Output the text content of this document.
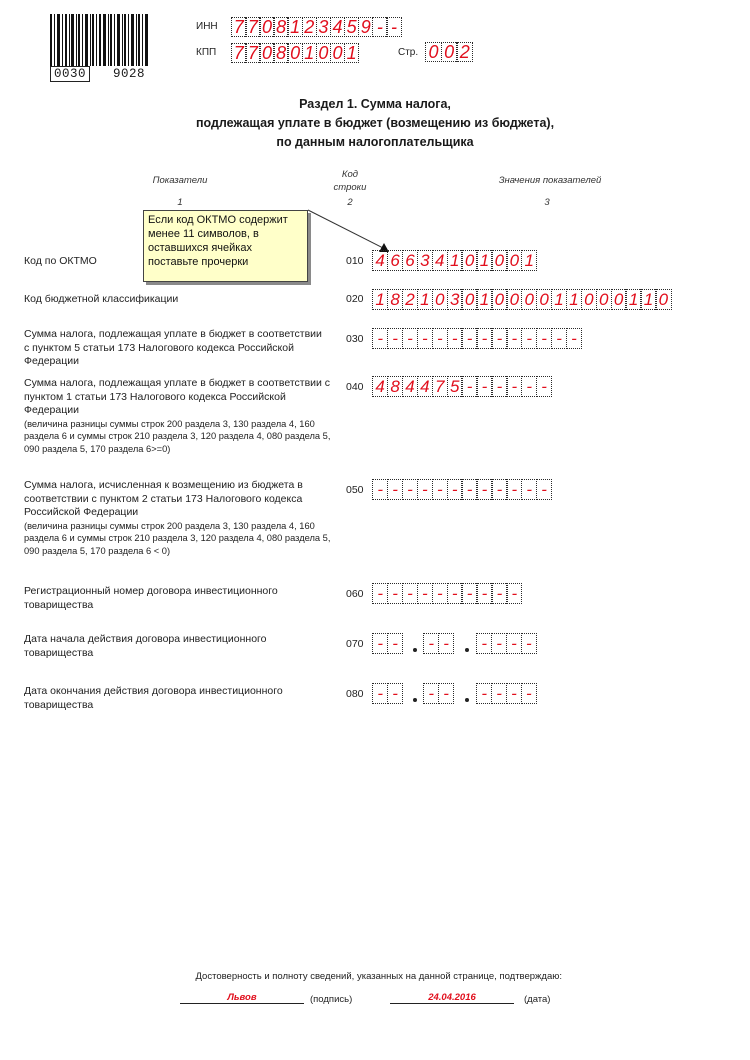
0030	9028
ИНН 7 7 0 8 1 2 3 4 5 9 - -
КПП 7 7 0 8 0 1 0 0 1	Стр. 0 0 2
Раздел 1. Сумма налога,
подлежащая уплате в бюджет (возмещению из бюджета),
по данным налогоплательщика
Показатели
Код
строки
Значения показателей
1	2	3
Если код ОКТМО содержит менее 11 символов, в оставшихся ячейках поставьте прочерки
Код по ОКТМО	010 4 6 6 3 4 1 0 1 0 0 1
Код бюджетной классификации	020 1 8 2 1 0 3 0 1 0 0 0 0 1 1 0 0 0 1 1 0
Сумма налога, подлежащая уплате в бюджет в соответствии с пунктом 5 статьи 173 Налогового кодекса Российской Федерации
030 - - - - - - - - - - - - - -
Сумма налога, подлежащая уплате в бюджет в соответствии с пунктом 1 статьи 173 Налогового кодекса Российской Федерации
(величина разницы суммы строк 200 раздела 3, 130 раздела 4, 160 раздела 6 и суммы строк 210 раздела 3, 120 раздела 4, 080 раздела 5, 090 раздела 5, 170 раздела 6>=0)
040 4 8 4 4 7 5 - - - - - -
Сумма налога, исчисленная к возмещению из бюджета в соответствии с пунктом 2 статьи 173 Налогового кодекса Российской Федерации
(величина разницы суммы строк 200 раздела 3, 130 раздела 4, 160 раздела 6 и суммы строк 210 раздела 3, 120 раздела 4, 080 раздела 5, 090 раздела 5, 170 раздела 6 < 0)
050 - - - - - - - - - - - -
Регистрационный номер договора инвестиционного товарищества
060 - - - - - - - - - -
Дата начала действия договора инвестиционного товарищества
070 - -	- -	- - - -
Дата окончания действия договора инвестиционного товарищества
080 - -	- -	- - - -
Достоверность и полноту сведений, указанных на данной странице, подтверждаю:
Львов	(подпись)	24.04.2016	(дата)
